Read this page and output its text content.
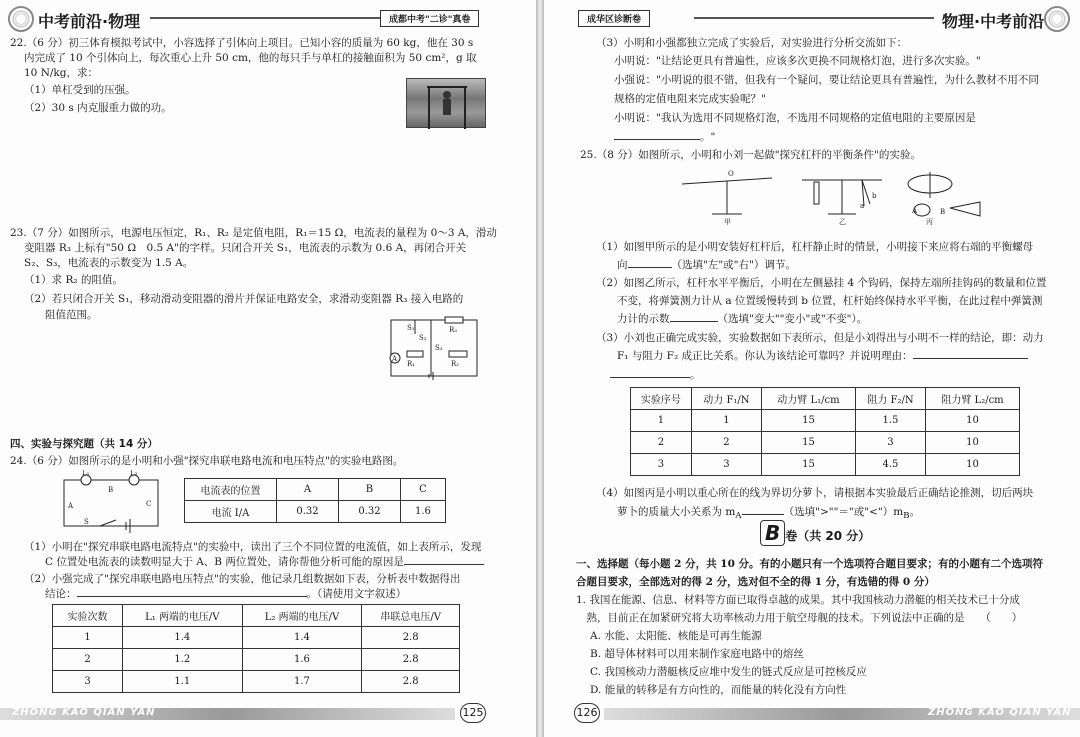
中考前沿·物理	成都中考"二诊"真卷
22.（6 分）初三体育模拟考试中，小容选择了引体向上项目。已知小容的质量为 60 kg，他在 30 s
内完成了 10 个引体向上，每次重心上升 50 cm，他的每只手与单杠的接触面积为 50 cm²，g 取
10 N/kg，求：
（1）单杠受到的压强。
（2）30 s 内克服重力做的功。
23.（7 分）如图所示，电源电压恒定，R₁、R₂ 是定值电阻，R₁＝15 Ω，电流表的量程为 0～3 A，滑动
变阻器 R₃ 上标有"50 Ω　0.5 A"的字样。只闭合开关 S₁，电流表的示数为 0.6 A，再闭合开关
S₂、S₃，电流表的示数变为 1.5 A。
（1）求 R₂ 的阻值。
（2）若只闭合开关 S₁，移动滑动变阻器的滑片并保证电路安全，求滑动变阻器 R₃ 接入电路的
　　阻值范围。
S₁
S₂
S₃
R₁	R₂
R₃
A
四、实验与探究题（共 14 分）
24.（6 分）如图所示的是小明和小强"探究串联电路电流和电压特点"的实验电路图。
L₁	L₂
A
B
C
S
电流表的位置	A	B	C
电流 I/A	0.32	0.32	1.6
（1）小明在"探究串联电路电流特点"的实验中，读出了三个不同位置的电流值，如上表所示，发现
　　C 位置处电流表的读数明显大于 A、B 两位置处，请你帮他分析可能的原因是
（2）小强完成了"探究串联电路电压特点"的实验，他记录几组数据如下表，分析表中数据得出
　　结论：	。（请使用文字叙述）
实验次数	L₁ 两端的电压/V	L₂ 两端的电压/V	串联总电压/V
1	1.4	1.4	2.8
2	1.2	1.6	2.8
3	1.1	1.7	2.8
ZHONG KAO QIAN YAN	125
成华区诊断卷	物理·中考前沿
（3）小明和小强都独立完成了实验后，对实验进行分析交流如下：
小明说："让结论更具有普遍性，应该多次更换不同规格灯泡，进行多次实验。"
小强说："小明说的很不错，但我有一个疑问，要让结论更具有普遍性，为什么教材不用不同
规格的定值电阻来完成实验呢？"
小明说："我认为选用不同规格灯泡，不选用不同规格的定值电阻的主要原因是
。"
25.（8 分）如图所示，小明和小刘一起做"探究杠杆的平衡条件"的实验。
甲	乙	丙
O
a
b
A	B
（1）如图甲所示的是小明安装好杠杆后，杠杆静止时的情景，小明接下来应将右端的平衡螺母
　　向	（选填"左"或"右"）调节。
（2）如图乙所示，杠杆水平平衡后，小明在左侧悬挂 4 个钩码，保持左端所挂钩码的数量和位置
　　不变，将弹簧测力计从 a 位置缓慢转到 b 位置，杠杆始终保持水平平衡，在此过程中弹簧测
　　力计的示数	（选填"变大""变小"或"不变"）。
（3）小刘也正确完成实验，实验数据如下表所示，但是小刘得出与小明不一样的结论，即：动力
　　F₁ 与阻力 F₂ 成正比关系。你认为该结论可靠吗？并说明理由：
。
实验序号	动力 F₁/N	动力臂 L₁/cm	阻力 F₂/N	阻力臂 L₂/cm
1	1	15	1.5	10
2	2	15	3	10
3	3	15	4.5	10
（4）如图丙是小明以重心所在的线为界切分萝卜，请根据本实验最后正确结论推测，切后两块
　　萝卜的质量大小关系为 $m_A$	（选填">""＝"或"$<")m_B$。
B 卷（共 20 分）
一、选择题（每小题 2 分，共 10 分。有的小题只有一个选项符合题目要求；有的小题有二个选项符
合题目要求，全部选对的得 2 分，选对但不全的得 1 分，有选错的得 0 分）
1. 我国在能源、信息、材料等方面已取得卓越的成果。其中我国核动力潜艇的相关技术已十分成
　熟，目前正在加紧研究将大功率核动力用于航空母舰的技术。下列说法中正确的是　　（　　）
A. 水能、太阳能、核能是可再生能源
B. 超导体材料可以用来制作家庭电路中的熔丝
C. 我国核动力潜艇核反应堆中发生的链式反应是可控核反应
D. 能量的转移是有方向性的，而能量的转化没有方向性
126	ZHONG KAO QIAN YAN
